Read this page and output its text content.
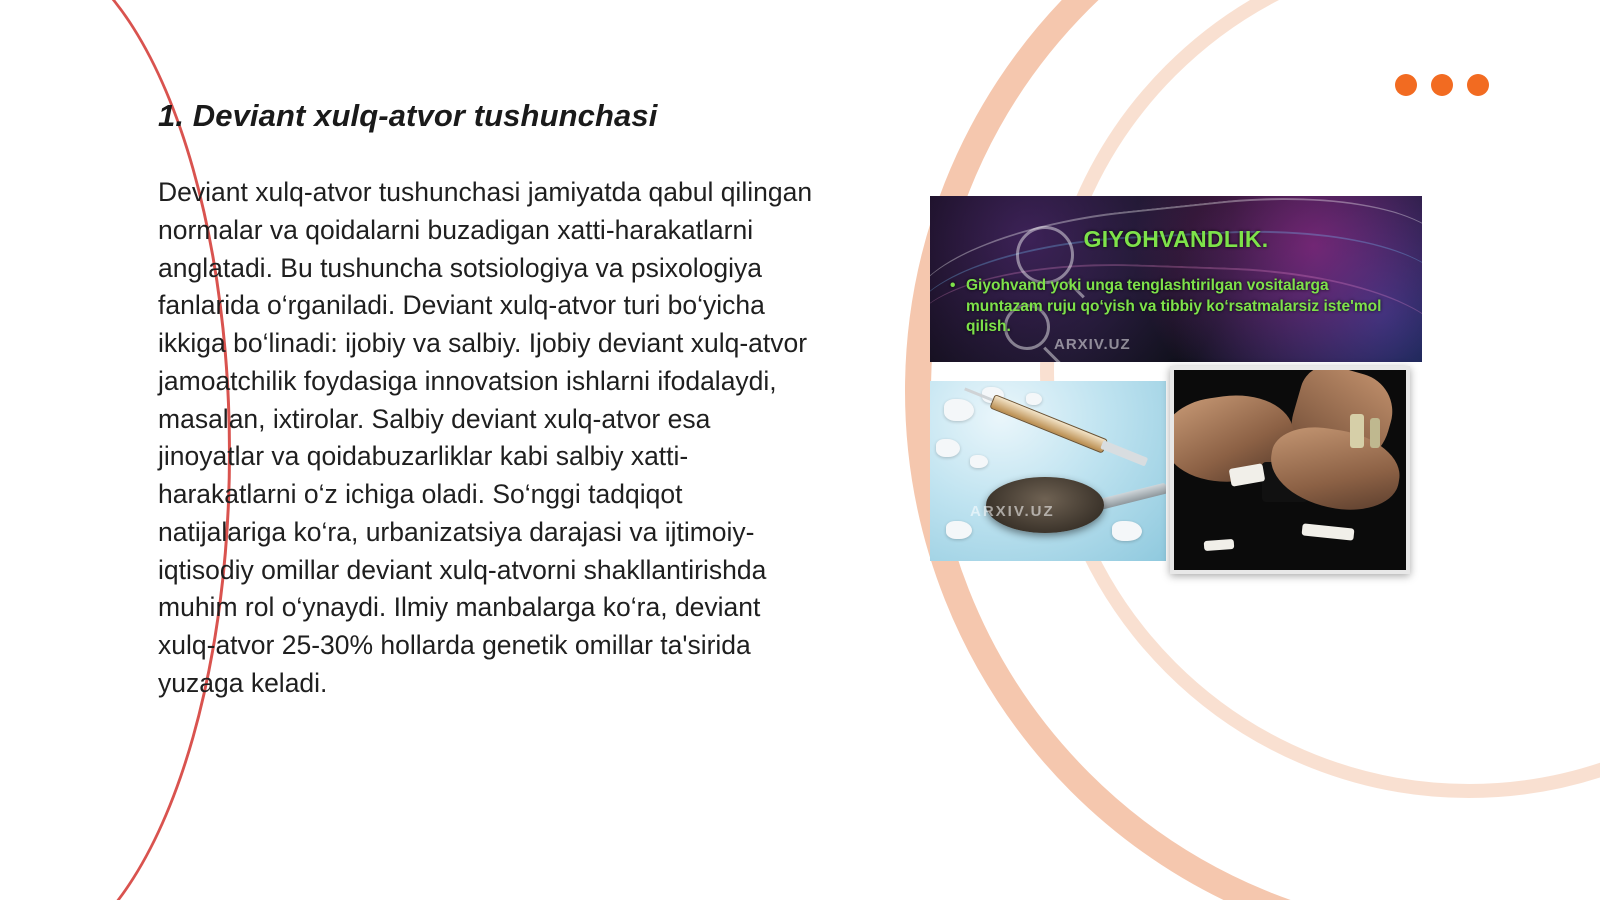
1. Deviant xulq-atvor tushunchasi

Deviant xulq-atvor tushunchasi jamiyatda qabul qilingan normalar va qoidalarni buzadigan xatti-harakatlarni anglatadi. Bu tushuncha sotsiologiya va psixologiya fanlarida o‘rganiladi. Deviant xulq-atvor turi bo‘yicha ikkiga bo‘linadi: ijobiy va salbiy. Ijobiy deviant xulq-atvor jamoatchilik foydasiga innovatsion ishlarni ifodalaydi, masalan, ixtirolar. Salbiy deviant xulq-atvor esa jinoyatlar va qoidabuzarliklar kabi salbiy xatti-harakatlarni o‘z ichiga oladi. So‘nggi tadqiqot natijalariga ko‘ra, urbanizatsiya darajasi va ijtimoiy-iqtisodiy omillar deviant xulq-atvorni shakllantirishda muhim rol o‘ynaydi. Ilmiy manbalarga ko‘ra, deviant xulq-atvor 25-30% hollarda genetik omillar ta'sirida yuzaga keladi.

ARXIV.UZ
GIYOHVANDLIK.
• Giyohvand yoki unga tenglashtirilgan vositalarga muntazam ruju qo‘yish va tibbiy ko‘rsatmalarsiz iste'mol qilish.
ARXIV.UZ
